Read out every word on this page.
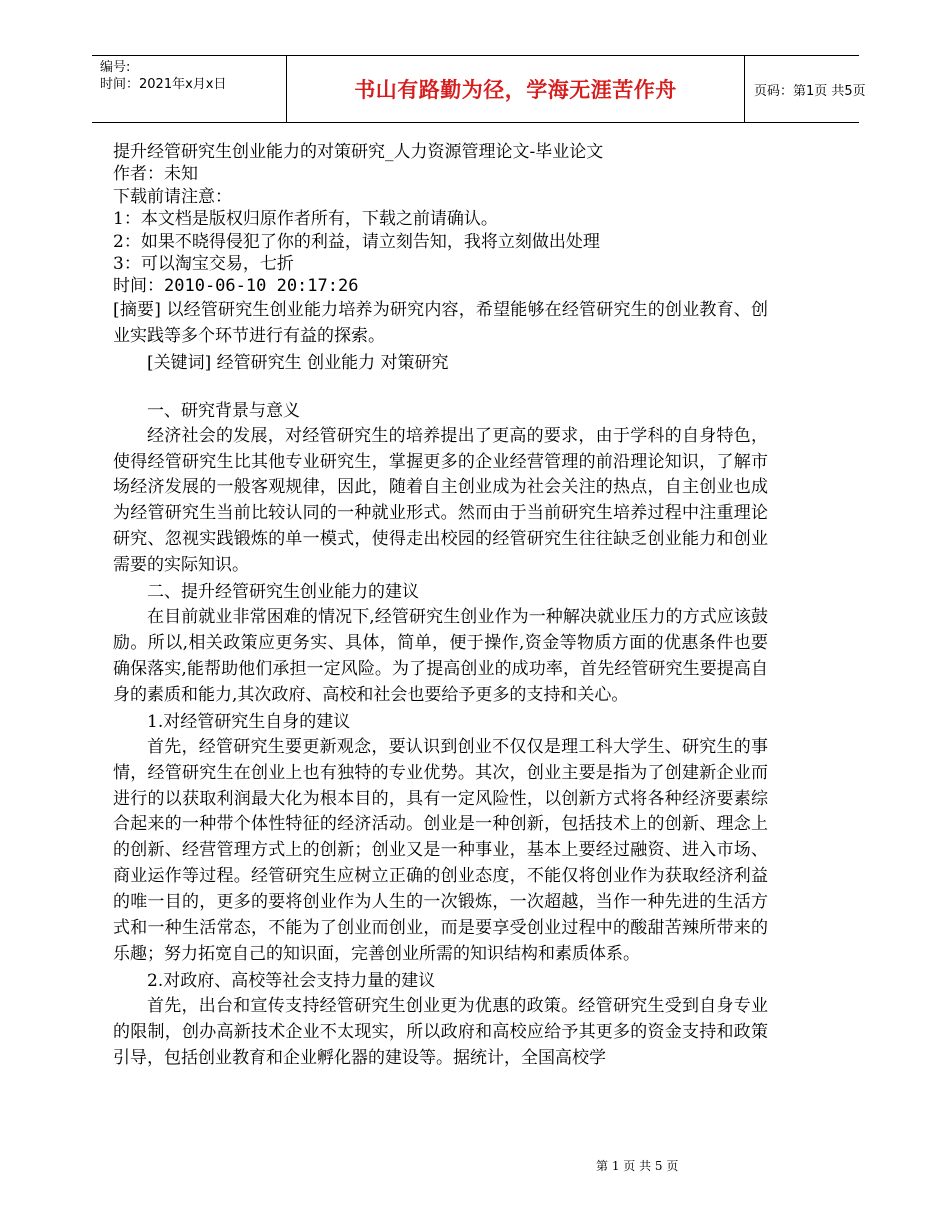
编号:
时间：2021年x月x日	书山有路勤为径，学海无涯苦作舟	页码：第1页 共5页
提升经管研究生创业能力的对策研究_人力资源管理论文-毕业论文
作者：未知
下载前请注意：
1：本文档是版权归原作者所有，下载之前请确认。
2：如果不晓得侵犯了你的利益，请立刻告知，我将立刻做出处理
3：可以淘宝交易，七折
时间：2010-06-10 20:17:26
[摘要] 以经管研究生创业能力培养为研究内容，希望能够在经管研究生的创业教育、创业实践等多个环节进行有益的探索。
[关键词] 经管研究生 创业能力 对策研究
一、研究背景与意义
经济社会的发展，对经管研究生的培养提出了更高的要求，由于学科的自身特色，使得经管研究生比其他专业研究生，掌握更多的企业经营管理的前沿理论知识，了解市场经济发展的一般客观规律，因此，随着自主创业成为社会关注的热点，自主创业也成为经管研究生当前比较认同的一种就业形式。然而由于当前研究生培养过程中注重理论研究、忽视实践锻炼的单一模式，使得走出校园的经管研究生往往缺乏创业能力和创业需要的实际知识。
二、提升经管研究生创业能力的建议
在目前就业非常困难的情况下,经管研究生创业作为一种解决就业压力的方式应该鼓励。所以,相关政策应更务实、具体，简单，便于操作,资金等物质方面的优惠条件也要确保落实,能帮助他们承担一定风险。为了提高创业的成功率，首先经管研究生要提高自身的素质和能力,其次政府、高校和社会也要给予更多的支持和关心。
1.对经管研究生自身的建议
首先，经管研究生要更新观念，要认识到创业不仅仅是理工科大学生、研究生的事情，经管研究生在创业上也有独特的专业优势。其次，创业主要是指为了创建新企业而进行的以获取利润最大化为根本目的，具有一定风险性，以创新方式将各种经济要素综合起来的一种带个体性特征的经济活动。创业是一种创新，包括技术上的创新、理念上的创新、经营管理方式上的创新；创业又是一种事业，基本上要经过融资、进入市场、商业运作等过程。经管研究生应树立正确的创业态度，不能仅将创业作为获取经济利益的唯一目的，更多的要将创业作为人生的一次锻炼，一次超越，当作一种先进的生活方式和一种生活常态，不能为了创业而创业，而是要享受创业过程中的酸甜苦辣所带来的乐趣；努力拓宽自己的知识面，完善创业所需的知识结构和素质体系。
2.对政府、高校等社会支持力量的建议
首先，出台和宣传支持经管研究生创业更为优惠的政策。经管研究生受到自身专业的限制，创办高新技术企业不太现实，所以政府和高校应给予其更多的资金支持和政策引导，包括创业教育和企业孵化器的建设等。据统计，全国高校学
第 1 页 共 5 页
